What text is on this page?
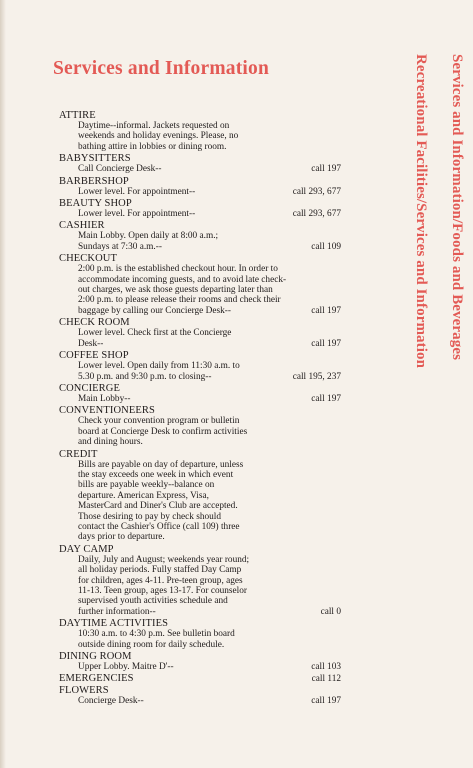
Services and Information
ATTIRE
Daytime--informal. Jackets requested on
weekends and holiday evenings. Please, no
bathing attire in lobbies or dining room.
BABYSITTERS
Call Concierge Desk--	call 197
BARBERSHOP
Lower level. For appointment--	call 293, 677
BEAUTY SHOP
Lower level. For appointment--	call 293, 677
CASHIER
Main Lobby. Open daily at 8:00 a.m.;
Sundays at 7:30 a.m.--	call 109
CHECKOUT
2:00 p.m. is the established checkout hour. In order to
accommodate incoming guests, and to avoid late check-
out charges, we ask those guests departing later than
2:00 p.m. to please release their rooms and check their
baggage by calling our Concierge Desk--	call 197
CHECK ROOM
Lower level. Check first at the Concierge
Desk--	call 197
COFFEE SHOP
Lower level. Open daily from 11:30 a.m. to
5.30 p.m. and 9:30 p.m. to closing--	call 195, 237
CONCIERGE
Main Lobby--	call 197
CONVENTIONEERS
Check your convention program or bulletin
board at Concierge Desk to confirm activities
and dining hours.
CREDIT
Bills are payable on day of departure, unless
the stay exceeds one week in which event
bills are payable weekly--balance on
departure. American Express, Visa,
MasterCard and Diner's Club are accepted.
Those desiring to pay by check should
contact the Cashier's Office (call 109) three
days prior to departure.
DAY CAMP
Daily, July and August; weekends year round;
all holiday periods. Fully staffed Day Camp
for children, ages 4-11. Pre-teen group, ages
11-13. Teen group, ages 13-17. For counselor
supervised youth activities schedule and
further information--	call 0
DAYTIME ACTIVITIES
10:30 a.m. to 4:30 p.m. See bulletin board
outside dining room for daily schedule.
DINING ROOM
Upper Lobby. Maitre D'--	call 103
EMERGENCIES	call 112
FLOWERS
Concierge Desk--	call 197
Services and Information/Foods and Beverages
Recreational Facilities/Services and Information
